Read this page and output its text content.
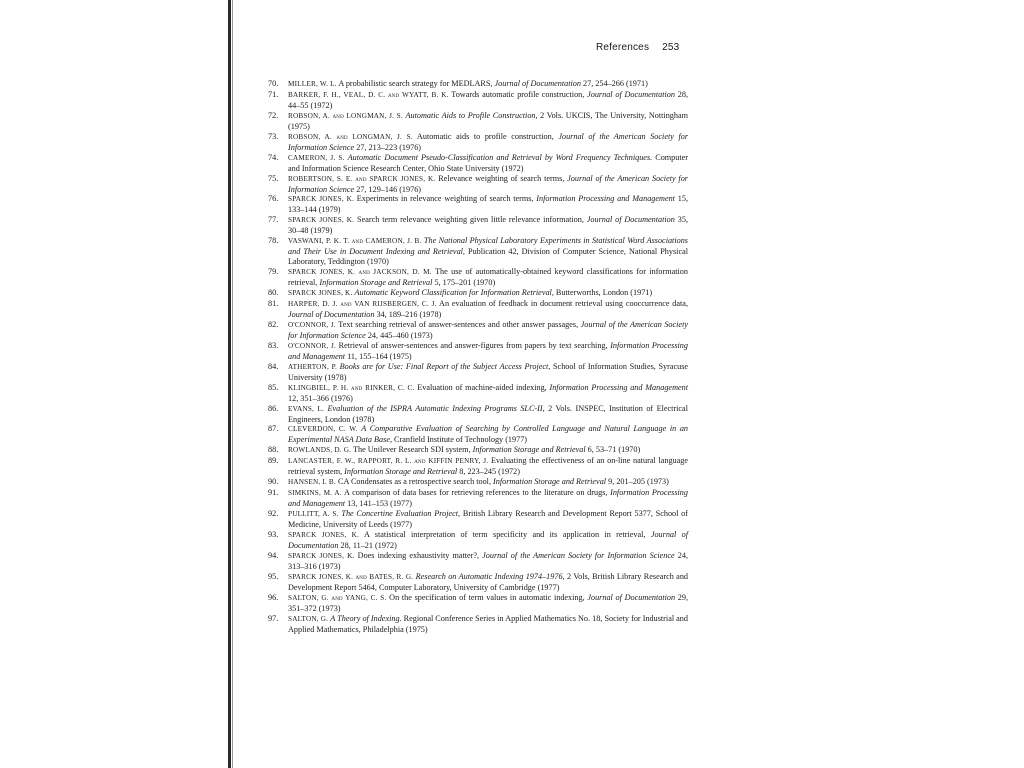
References 253
70.	MILLER, W. L. A probabilistic search strategy for MEDLARS, Journal of Documentation 27, 254–266 (1971)
71.	BARKER, F. H., VEAL, D. C. and WYATT, B. K. Towards automatic profile construction, Journal of Documentation 28, 44–55 (1972)
72.	ROBSON, A. and LONGMAN, J. S. Automatic Aids to Profile Construction, 2 Vols. UKCIS, The University, Nottingham (1975)
73.	ROBSON, A. and LONGMAN, J. S. Automatic aids to profile construction, Journal of the American Society for Information Science 27, 213–223 (1976)
74.	CAMERON, J. S. Automatic Document Pseudo-Classification and Retrieval by Word Frequency Techniques. Computer and Information Science Research Center, Ohio State University (1972)
75.	ROBERTSON, S. E. and SPARCK JONES, K. Relevance weighting of search terms, Journal of the American Society for Information Science 27, 129–146 (1976)
76.	SPARCK JONES, K. Experiments in relevance weighting of search terms, Information Processing and Management 15, 133–144 (1979)
77.	SPARCK JONES, K. Search term relevance weighting given little relevance information, Journal of Documentation 35, 30–48 (1979)
78.	VASWANI, P. K. T. and CAMERON, J. B. The National Physical Laboratory Experiments in Statistical Word Associations and Their Use in Document Indexing and Retrieval, Publication 42, Division of Computer Science, National Physical Laboratory, Teddington (1970)
79.	SPARCK JONES, K. and JACKSON, D. M. The use of automatically-obtained keyword classifications for information retrieval, Information Storage and Retrieval 5, 175–201 (1970)
80.	SPARCK JONES, K. Automatic Keyword Classification for Information Retrieval, Butterworths, London (1971)
81.	HARPER, D. J. and VAN RIJSBERGEN, C. J. An evaluation of feedback in document retrieval using cooccurrence data, Journal of Documentation 34, 189–216 (1978)
82.	O'CONNOR, J. Text searching retrieval of answer-sentences and other answer passages, Journal of the American Society for Information Science 24, 445–460 (1973)
83.	O'CONNOR, J. Retrieval of answer-sentences and answer-figures from papers by text searching, Information Processing and Management 11, 155–164 (1975)
84.	ATHERTON, P. Books are for Use: Final Report of the Subject Access Project, School of Information Studies, Syracuse University (1978)
85.	KLINGBIEL, P. H. and RINKER, C. C. Evaluation of machine-aided indexing, Information Processing and Management 12, 351–366 (1976)
86.	EVANS, L. Evaluation of the ISPRA Automatic Indexing Programs SLC-II, 2 Vols. INSPEC, Institution of Electrical Engineers, London (1978)
87.	CLEVERDON, C. W. A Comparative Evaluation of Searching by Controlled Language and Natural Language in an Experimental NASA Data Base, Cranfield Institute of Technology (1977)
88.	ROWLANDS, D. G. The Unilever Research SDI system, Information Storage and Retrieval 6, 53–71 (1970)
89.	LANCASTER, F. W., RAPPORT, R. L. and KIFFIN PENRY, J. Evaluating the effectiveness of an on-line natural language retrieval system, Information Storage and Retrieval 8, 223–245 (1972)
90.	HANSEN, I. B. CA Condensates as a retrospective search tool, Information Storage and Retrieval 9, 201–205 (1973)
91.	SIMKINS, M. A. A comparison of data bases for retrieving references to the literature on drugs, Information Processing and Management 13, 141–153 (1977)
92.	PULLITT, A. S. The Concertine Evaluation Project, British Library Research and Development Report 5377, School of Medicine, University of Leeds (1977)
93.	SPARCK JONES, K. A statistical interpretation of term specificity and its application in retrieval, Journal of Documentation 28, 11–21 (1972)
94.	SPARCK JONES, K. Does indexing exhaustivity matter?, Journal of the American Society for Information Science 24, 313–316 (1973)
95.	SPARCK JONES, K. and BATES, R. G. Research on Automatic Indexing 1974–1976, 2 Vols, British Library Research and Development Report 5464, Computer Laboratory, University of Cambridge (1977)
96.	SALTON, G. and YANG, C. S. On the specification of term values in automatic indexing, Journal of Documentation 29, 351–372 (1973)
97.	SALTON, G. A Theory of Indexing. Regional Conference Series in Applied Mathematics No. 18, Society for Industrial and Applied Mathematics, Philadelphia (1975)
